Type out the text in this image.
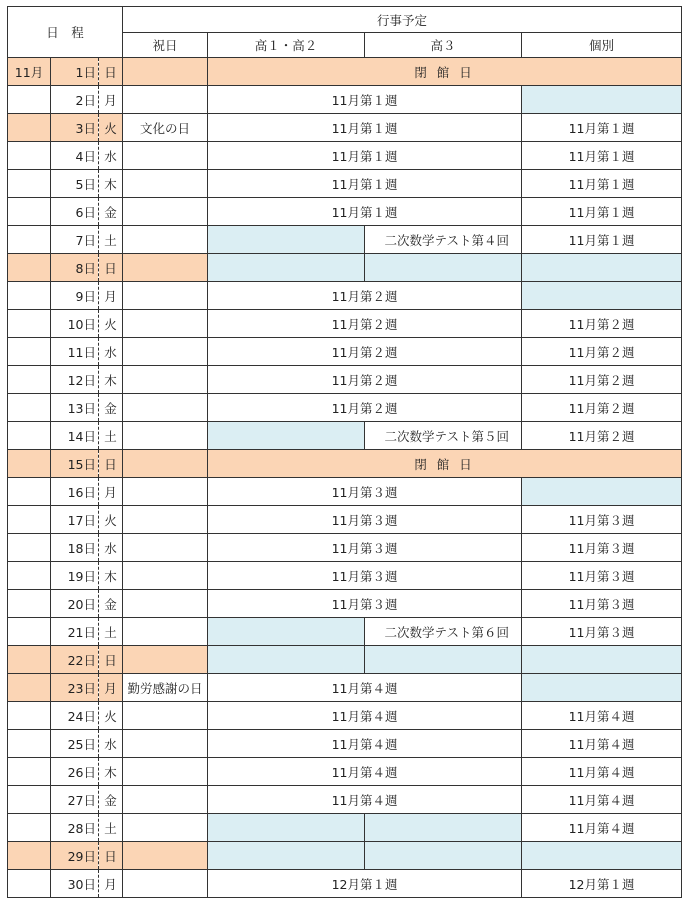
日　程			行事予定			
			祝日	高１・高２	高３	個別
11月	1日	日		閉 館 日		
	2日	月		11月第１週		
	3日	火	文化の日	11月第１週		11月第１週
	4日	水		11月第１週		11月第１週
	5日	木		11月第１週		11月第１週
	6日	金		11月第１週		11月第１週
	7日	土			二次数学テスト第４回	11月第１週
	8日	日				
	9日	月		11月第２週		
	10日	火		11月第２週		11月第２週
	11日	水		11月第２週		11月第２週
	12日	木		11月第２週		11月第２週
	13日	金		11月第２週		11月第２週
	14日	土			二次数学テスト第５回	11月第２週
	15日	日		閉 館 日		
	16日	月		11月第３週		
	17日	火		11月第３週		11月第３週
	18日	水		11月第３週		11月第３週
	19日	木		11月第３週		11月第３週
	20日	金		11月第３週		11月第３週
	21日	土			二次数学テスト第６回	11月第３週
	22日	日				
	23日	月	勤労感謝の日	11月第４週		
	24日	火		11月第４週		11月第４週
	25日	水		11月第４週		11月第４週
	26日	木		11月第４週		11月第４週
	27日	金		11月第４週		11月第４週
	28日	土				11月第４週
	29日	日				
	30日	月		12月第１週		12月第１週
